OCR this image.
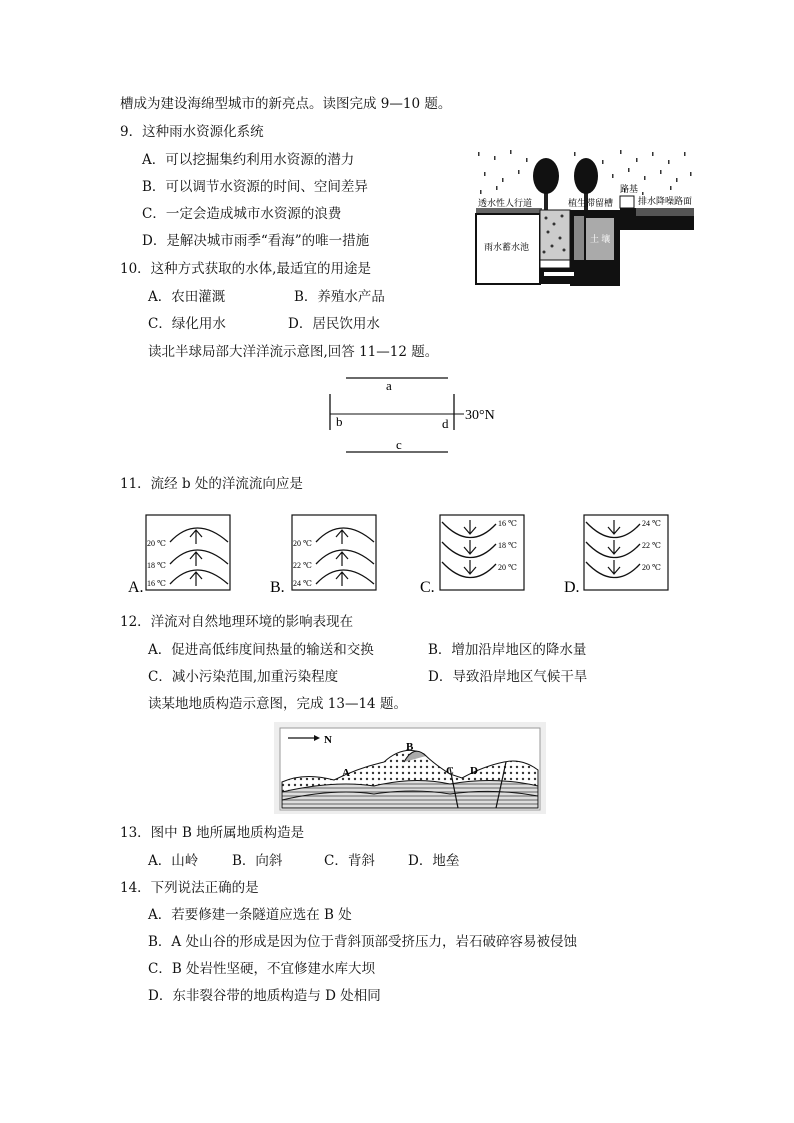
槽成为建设海绵型城市的新亮点。读图完成 9—10 题。
9．这种雨水资源化系统
A．可以挖掘集约利用水资源的潜力
B．可以调节水资源的时间、空间差异
C．一定会造成城市水资源的浪费
D．是解决城市雨季“看海”的唯一措施
透水性人行道	植生滞留槽
路基
排水降噪路面
雨水蓄水池
土 壤
10．这种方式获取的水体,最适宜的用途是
A．农田灌溉	B．养殖水产品
C．绿化用水	D．居民饮用水
读北半球局部大洋洋流示意图,回答 11—12 题。
a
b	d
c
30°N
11．流经 b 处的洋流流向应是
A.
20 ℃
18 ℃
16 ℃	B.
20 ℃
22 ℃
24 ℃	C.
16 ℃
18 ℃
20 ℃
D.
24 ℃
22 ℃
20 ℃
12．洋流对自然地理环境的影响表现在
A．促进高低纬度间热量的输送和交换	B．增加沿岸地区的降水量
C．减小污染范围,加重污染程度	D．导致沿岸地区气候干旱
读某地地质构造示意图，完成 13—14 题。
N
A
B
C D
13．图中 B 地所属地质构造是
A．山岭	B．向斜	C．背斜 D．地垒
14．下列说法正确的是
A．若要修建一条隧道应选在 B 处
B．A 处山谷的形成是因为位于背斜顶部受挤压力，岩石破碎容易被侵蚀
C．B 处岩性坚硬，不宜修建水库大坝
D．东非裂谷带的地质构造与 D 处相同
